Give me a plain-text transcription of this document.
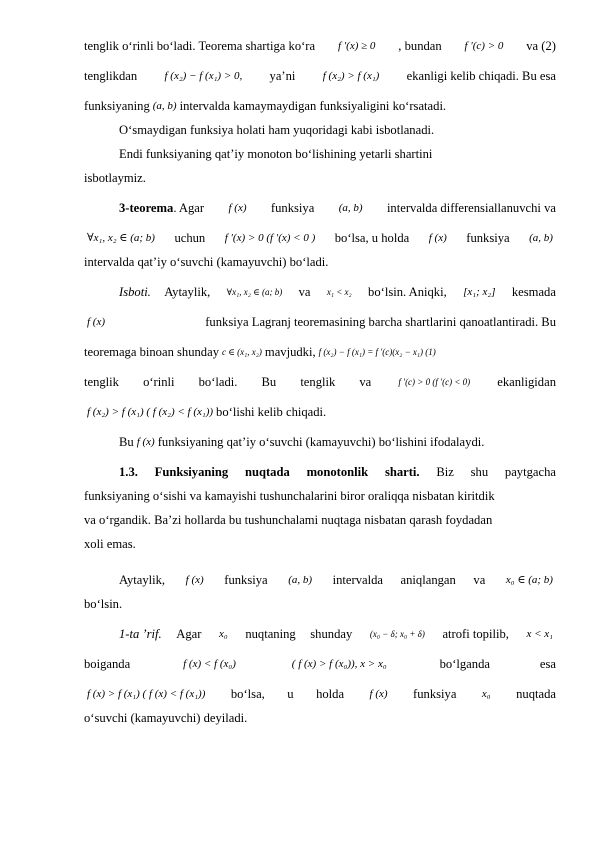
tenglik o‘rinli bo‘ladi. Teorema shartiga ko‘ra f ′(x) ≥ 0 , bundan f ′(c) > 0 va (2)
tenglikdan f (x₂) − f (x₁) > 0, ya’ni f (x₂) > f (x₁) ekanligi kelib chiqadi. Bu esa
funksiyaning (a, b) intervalda kamaymaydigan funksiyaligini ko‘rsatadi.
O‘smaydigan funksiya holati ham yuqoridagi kabi isbotlanadi.
Endi funksiyaning qat’iy monoton bo‘lishining yetarli shartini
isbotlaymiz.
3-teorema . Agar f (x) funksiya (a, b) intervalda differensiallanuvchi va
∀x₁, x₂ ∈ (a; b) uchun f ′(x) > 0 (f ′(x) < 0 ) bo‘lsa, u holda f (x) funksiya (a, b)
intervalda qat’iy o‘suvchi (kamayuvchi) bo‘ladi.
Isboti. Aytaylik,	∀x₁, x₂ ∈ (a; b) va	x₁ < x₂ bo‘lsin. Aniqki, [x₁; x₂] kesmada
f (x)	funksiya Lagranj teoremasining barcha shartlarini qanoatlantiradi. Bu
teoremaga binoan shunday c ∈ (x₁, x₂) mavjudki, f (x₂) − f (x₁) = f ′(c)(x₂ − x₁) (1)
tenglik o‘rinli bo‘ladi. Bu tenglik va	f ′(c) > 0 (f ′(c) < 0) ekanligidan
f (x₂) > f (x₁) ( f (x₂) < f (x₁)) bo‘lishi kelib chiqadi.
Bu f (x) funksiyaning qat’iy o‘suvchi (kamayuvchi) bo‘lishini ifodalaydi.
1.3. Funksiyaning nuqtada monotonlik sharti. Biz shu paytgacha
funksiyaning o‘sishi va kamayishi tushunchalarini biror oraliqqa nisbatan kiritdik
va o‘rgandik. Ba’zi hollarda bu tushunchalami nuqtaga nisbatan qarash foydadan
xoli emas.
Aytaylik, f (x) funksiya (a, b) intervalda aniqlangan va x₀ ∈ (a; b)
bo‘lsin.
1-ta ’rif. Agar x₀ nuqtaning shunday	(x₀ − δ; x₀ + δ) atrofi topilib, x < x₁
boiganda	f (x) < f (x₀)	( f (x) > f (x₀)), x > x₀	bo‘lganda	esa
f (x) > f (x₁) ( f (x) < f (x₁)) bo‘lsa, u holda f (x) funksiya x₀ nuqtada
o‘suvchi (kamayuvchi) deyiladi.
